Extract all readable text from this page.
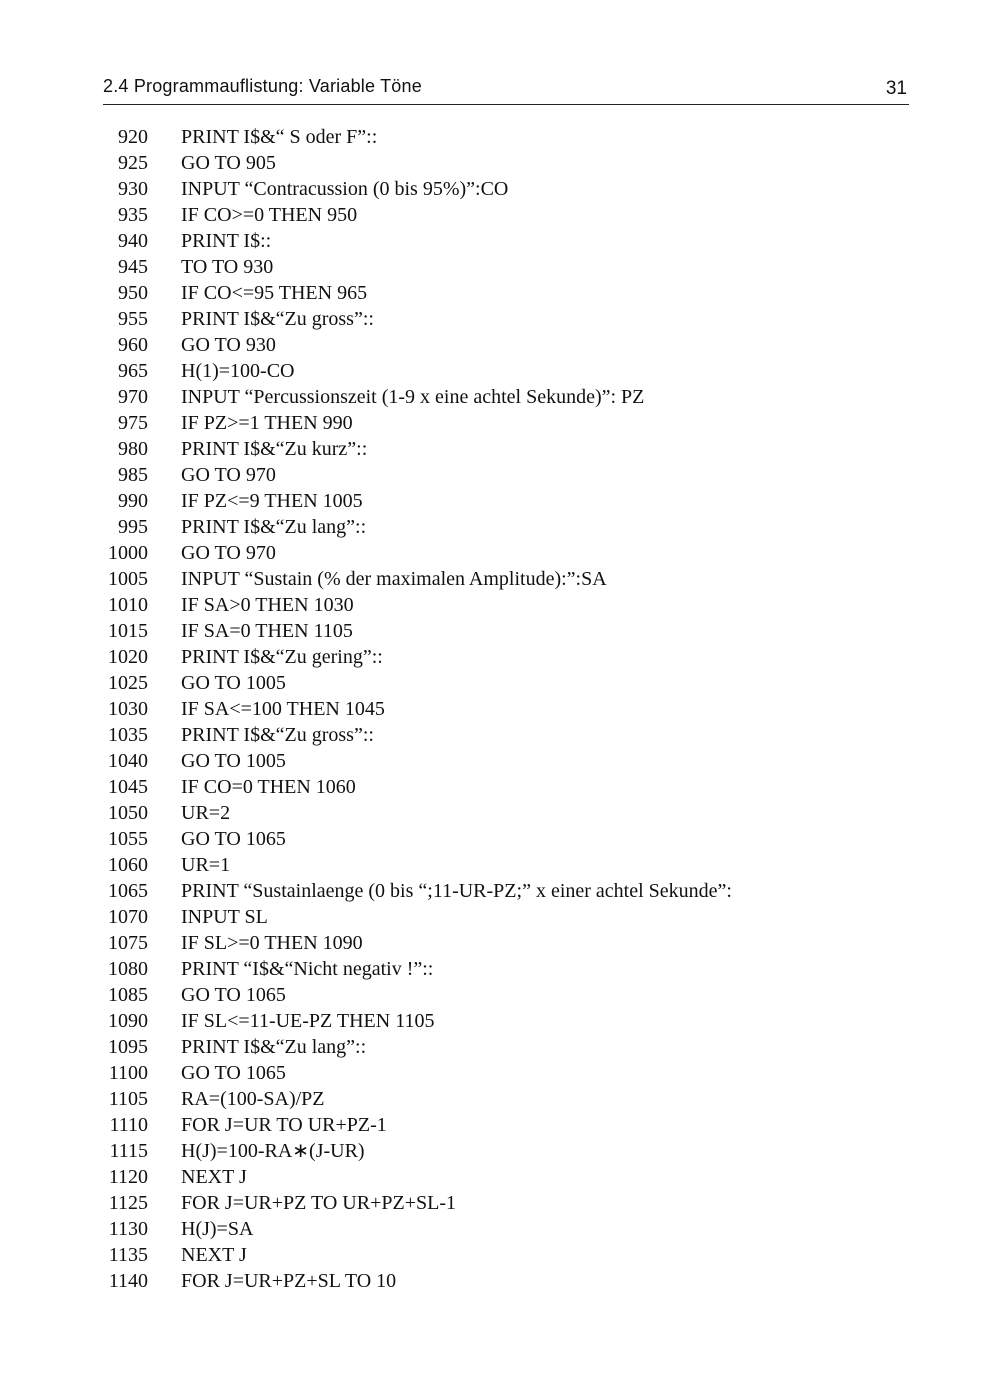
2.4 Programmauflistung: Variable Töne	31
920 PRINT I$&“ S oder F”::
925 GO TO 905
930 INPUT “Contracussion (0 bis 95%)”:CO
935 IF CO>=0 THEN 950
940 PRINT I$::
945 TO TO 930
950 IF CO<=95 THEN 965
955 PRINT I$&“Zu gross”::
960 GO TO 930
965 H(1)=100-CO
970 INPUT “Percussionszeit (1-9 x eine achtel Sekunde)”: PZ
975 IF PZ>=1 THEN 990
980 PRINT I$&“Zu kurz”::
985 GO TO 970
990 IF PZ<=9 THEN 1005
995 PRINT I$&“Zu lang”::
1000 GO TO 970
1005 INPUT “Sustain (% der maximalen Amplitude):”:SA
1010 IF SA>0 THEN 1030
1015 IF SA=0 THEN 1105
1020 PRINT I$&“Zu gering”::
1025 GO TO 1005
1030 IF SA<=100 THEN 1045
1035 PRINT I$&“Zu gross”::
1040 GO TO 1005
1045 IF CO=0 THEN 1060
1050 UR=2
1055 GO TO 1065
1060 UR=1
1065 PRINT “Sustainlaenge (0 bis “;11-UR-PZ;” x einer achtel Sekunde”:
1070 INPUT SL
1075 IF SL>=0 THEN 1090
1080 PRINT “I$&“Nicht negativ !”::
1085 GO TO 1065
1090 IF SL<=11-UE-PZ THEN 1105
1095 PRINT I$&“Zu lang”::
1100 GO TO 1065
1105 RA=(100-SA)/PZ
1110 FOR J=UR TO UR+PZ-1
1115 H(J)=100-RA∗(J-UR)
1120 NEXT J
1125 FOR J=UR+PZ TO UR+PZ+SL-1
1130 H(J)=SA
1135 NEXT J
1140 FOR J=UR+PZ+SL TO 10
